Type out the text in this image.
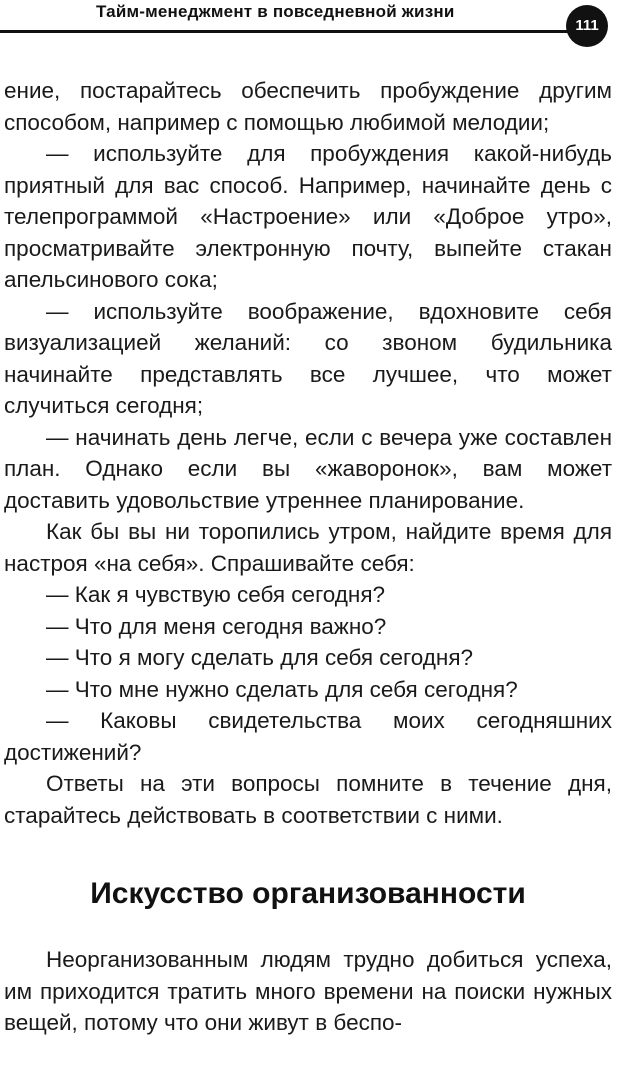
Тайм-менеджмент в повседневной жизни
111

ение, постарайтесь обеспечить пробуждение другим способом, например с помощью любимой мелодии;

— используйте для пробуждения какой-нибудь приятный для вас способ. Например, начинайте день с телепрограммой «Настроение» или «Доброе утро», просматривайте электронную почту, выпейте стакан апельсинового сока;

— используйте воображение, вдохновите себя визуализацией желаний: со звоном будильника начинайте представлять все лучшее, что может случиться сегодня;

— начинать день легче, если с вечера уже составлен план. Однако если вы «жаворонок», вам может доставить удовольствие утреннее планирование.

Как бы вы ни торопились утром, найдите время для настроя «на себя». Спрашивайте себя:

— Как я чувствую себя сегодня?

— Что для меня сегодня важно?

— Что я могу сделать для себя сегодня?

— Что мне нужно сделать для себя сегодня?

— Каковы свидетельства моих сегодняшних достижений?

Ответы на эти вопросы помните в течение дня, старайтесь действовать в соответствии с ними.

Искусство организованности

Неорганизованным людям трудно добиться успеха, им приходится тратить много времени на поиски нужных вещей, потому что они живут в беспо-
